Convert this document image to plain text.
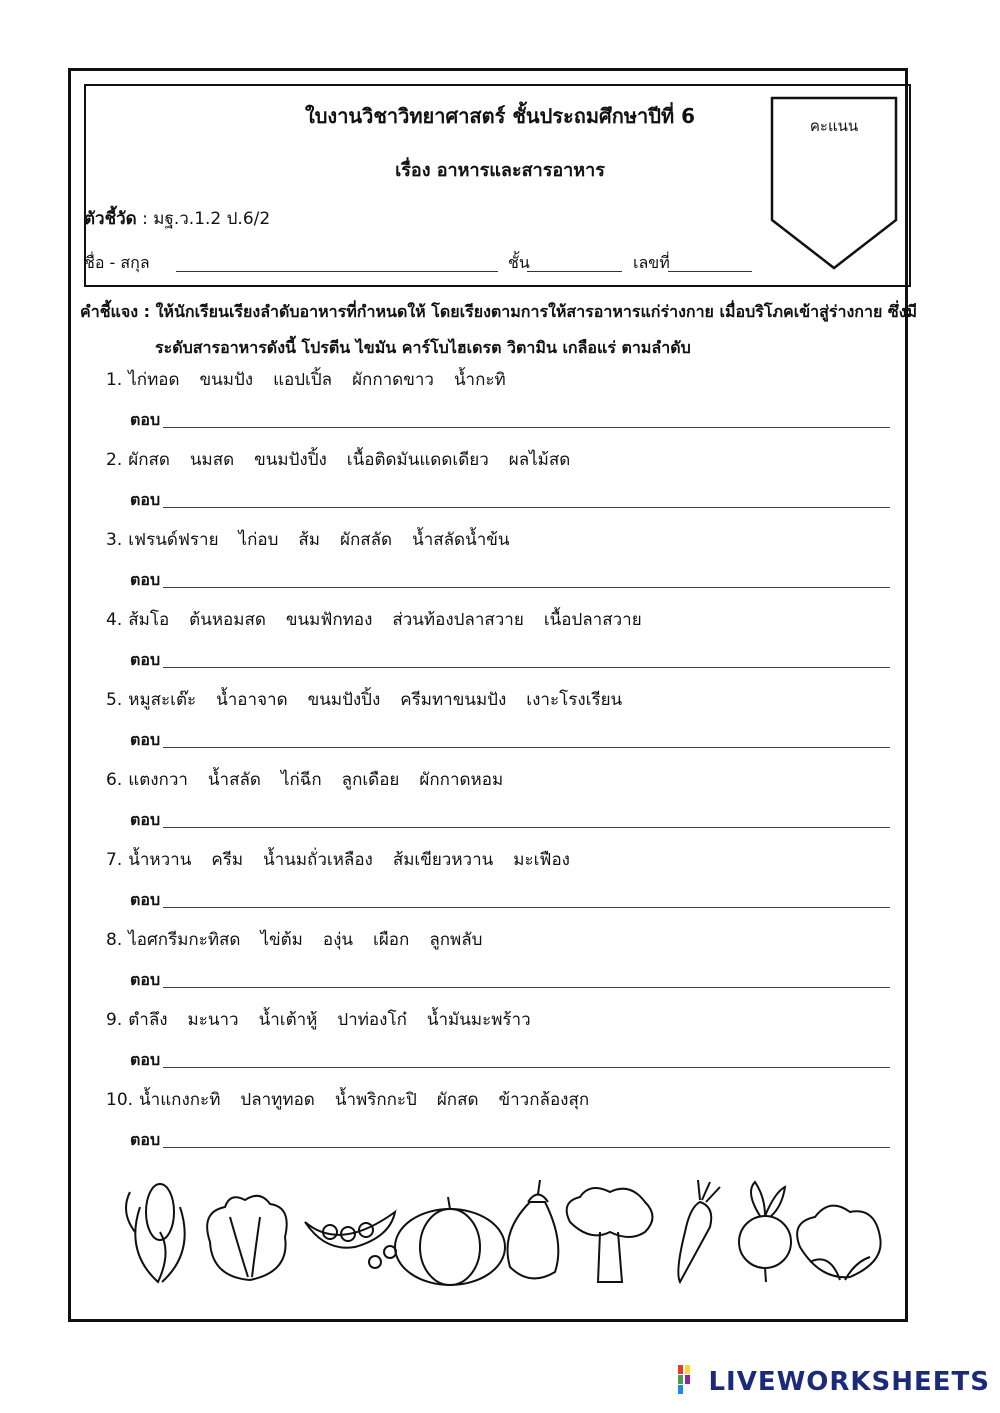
ใบงานวิชาวิทยาศาสตร์ ชั้นประถมศึกษาปีที่ 6
เรื่อง อาหารและสารอาหาร
ตัวชี้วัด : มฐ.ว.1.2 ป.6/2
ชื่อ - สกุล	ชั้น	เลขที่
คะแนน
คำชี้แจง : ให้นักเรียนเรียงลำดับอาหารที่กำหนดให้ โดยเรียงตามการให้สารอาหารแก่ร่างกาย เมื่อบริโภคเข้าสู่ร่างกาย ซึ่งมี
ระดับสารอาหารดังนี้ โปรตีน ไขมัน คาร์โบไฮเดรต วิตามิน เกลือแร่ ตามลำดับ
1. ไก่ทอด ขนมปัง แอปเปิ้ล ผักกาดขาว น้ำกะทิ
ตอบ
2. ผักสด นมสด ขนมปังปิ้ง เนื้อติดมันแดดเดียว ผลไม้สด
ตอบ
3. เฟรนด์ฟราย ไก่อบ ส้ม ผักสลัด น้ำสลัดน้ำข้น
ตอบ
4. ส้มโอ ต้นหอมสด ขนมฟักทอง ส่วนท้องปลาสวาย เนื้อปลาสวาย
ตอบ
5. หมูสะเต๊ะ น้ำอาจาด ขนมปังปิ้ง ครีมทาขนมปัง เงาะโรงเรียน
ตอบ
6. แตงกวา น้ำสลัด ไก่ฉีก ลูกเดือย ผักกาดหอม
ตอบ
7. น้ำหวาน ครีม น้ำนมถั่วเหลือง ส้มเขียวหวาน มะเฟือง
ตอบ
8. ไอศกรีมกะทิสด ไข่ต้ม องุ่น เผือก ลูกพลับ
ตอบ
9. ตำลึง มะนาว น้ำเต้าหู้ ปาท่องโก๋ น้ำมันมะพร้าว
ตอบ
10. น้ำแกงกะทิ ปลาทูทอด น้ำพริกกะปิ ผักสด ข้าวกล้องสุก
ตอบ
LIVEWORKSHEETS
